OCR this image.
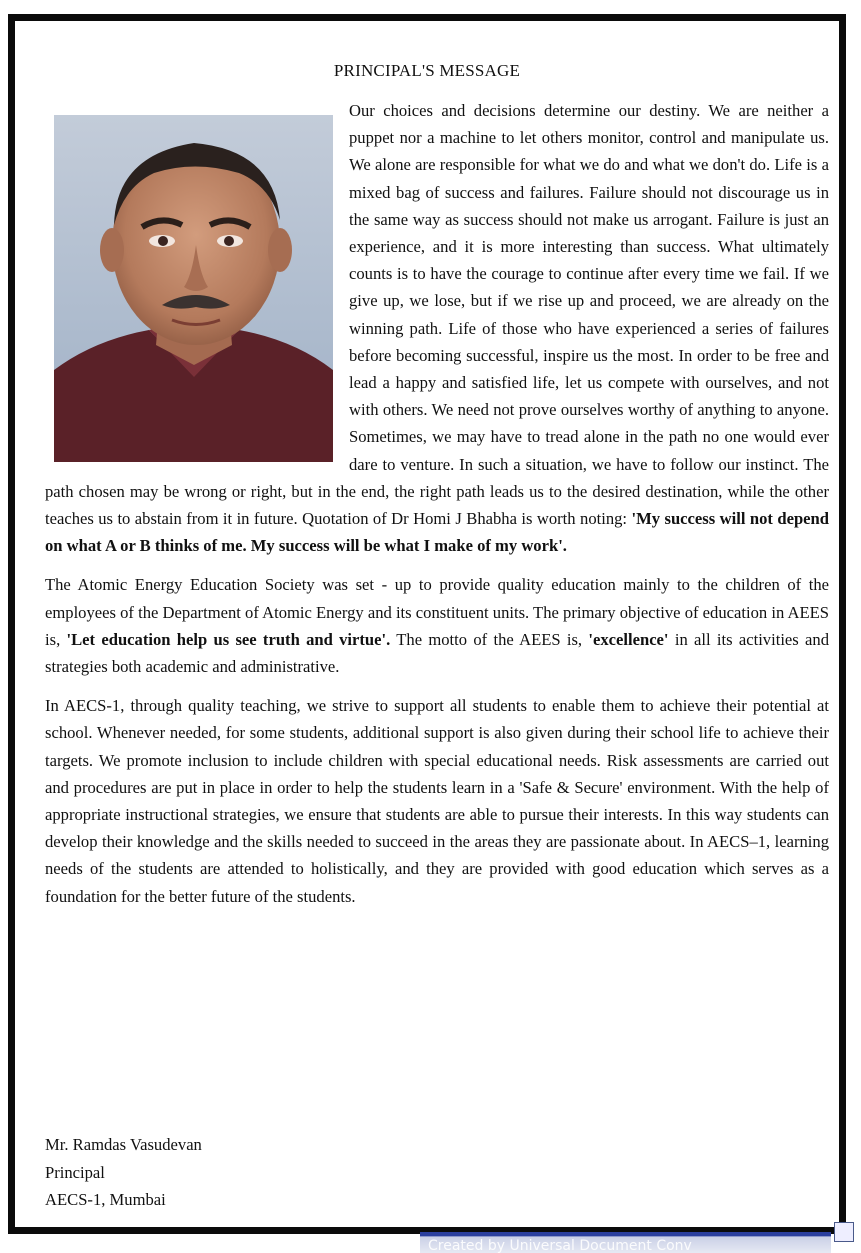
PRINCIPAL'S MESSAGE

Our choices and decisions determine our destiny. We are neither a puppet nor a machine to let others monitor, control and manipulate us. We alone are responsible for what we do and what we don't do. Life is a mixed bag of success and failures. Failure should not discourage us in the same way as success should not make us arrogant. Failure is just an experience, and it is more interesting than success. What ultimately counts is to have the courage to continue after every time we fail. If we give up, we lose, but if we rise up and proceed, we are already on the winning path. Life of those who have experienced a series of failures before becoming successful, inspire us the most. In order to be free and lead a happy and satisfied life, let us compete with ourselves, and not with others. We need not prove ourselves worthy of anything to anyone. Sometimes, we may have to tread alone in the path no one would ever dare to venture. In such a situation, we have to follow our instinct. The path chosen may be wrong or right, but in the end, the right path leads us to the desired destination, while the other teaches us to abstain from it in future. Quotation of Dr Homi J Bhabha is worth noting: 'My success will not depend on what A or B thinks of me. My success will be what I make of my work'.

The Atomic Energy Education Society was set - up to provide quality education mainly to the children of the employees of the Department of Atomic Energy and its constituent units. The primary objective of education in AEES is, 'Let education help us see truth and virtue'. The motto of the AEES is, 'excellence' in all its activities and strategies both academic and administrative.

In AECS-1, through quality teaching, we strive to support all students to enable them to achieve their potential at school. Whenever needed, for some students, additional support is also given during their school life to achieve their targets. We promote inclusion to include children with special educational needs. Risk assessments are carried out and procedures are put in place in order to help the students learn in a 'Safe & Secure' environment. With the help of appropriate instructional strategies, we ensure that students are able to pursue their interests. In this way students can develop their knowledge and the skills needed to succeed in the areas they are passionate about. In AECS–1, learning needs of the students are attended to holistically, and they are provided with good education which serves as a foundation for the better future of the students.

Mr. Ramdas Vasudevan
Principal
AECS-1, Mumbai
Created by Universal Document Conv
